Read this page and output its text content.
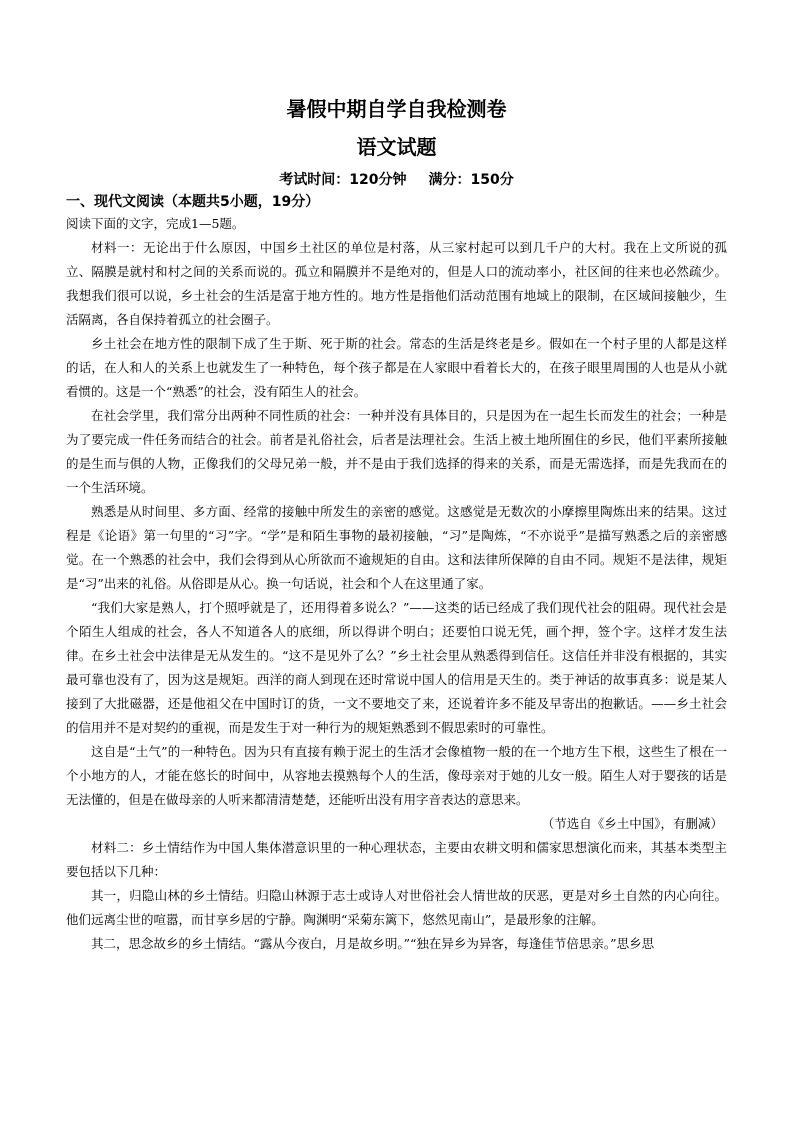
暑假中期自学自我检测卷
语文试题
考试时间：120分钟 满分：150分
一、现代文阅读（本题共5小题，19分）

阅读下面的文字，完成1—5题。

材料一：无论出于什么原因，中国乡土社区的单位是村落，从三家村起可以到几千户的大村。我在上文所说的孤立、隔膜是就村和村之间的关系而说的。孤立和隔膜并不是绝对的，但是人口的流动率小，社区间的往来也必然疏少。我想我们很可以说，乡土社会的生活是富于地方性的。地方性是指他们活动范围有地域上的限制，在区域间接触少，生活隔离，各自保持着孤立的社会圈子。

乡土社会在地方性的限制下成了生于斯、死于斯的社会。常态的生活是终老是乡。假如在一个村子里的人都是这样的话，在人和人的关系上也就发生了一种特色，每个孩子都是在人家眼中看着长大的，在孩子眼里周围的人也是从小就看惯的。这是一个“熟悉”的社会，没有陌生人的社会。

在社会学里，我们常分出两种不同性质的社会：一种并没有具体目的，只是因为在一起生长而发生的社会；一种是为了要完成一件任务而结合的社会。前者是礼俗社会，后者是法理社会。生活上被土地所囿住的乡民，他们平素所接触的是生而与俱的人物，正像我们的父母兄弟一般，并不是由于我们选择的得来的关系，而是无需选择，而是先我而在的一个生活环境。

熟悉是从时间里、多方面、经常的接触中所发生的亲密的感觉。这感觉是无数次的小摩擦里陶炼出来的结果。这过程是《论语》第一句里的“习”字。“学”是和陌生事物的最初接触，“习”是陶炼，“不亦说乎”是描写熟悉之后的亲密感觉。在一个熟悉的社会中，我们会得到从心所欲而不逾规矩的自由。这和法律所保障的自由不同。规矩不是法律，规矩是“习”出来的礼俗。从俗即是从心。换一句话说，社会和个人在这里通了家。

“我们大家是熟人，打个照呼就是了，还用得着多说么？”——这类的话已经成了我们现代社会的阻碍。现代社会是个陌生人组成的社会，各人不知道各人的底细，所以得讲个明白；还要怕口说无凭，画个押，签个字。这样才发生法律。在乡土社会中法律是无从发生的。“这不是见外了么？”乡土社会里从熟悉得到信任。这信任并非没有根据的，其实最可靠也没有了，因为这是规矩。西洋的商人到现在还时常说中国人的信用是天生的。类于神话的故事真多：说是某人接到了大批磁器，还是他祖父在中国时订的货，一文不要地交了来，还说着许多不能及早寄出的抱歉话。——乡土社会的信用并不是对契约的重视，而是发生于对一种行为的规矩熟悉到不假思索时的可靠性。

这自是“土气”的一种特色。因为只有直接有赖于泥土的生活才会像植物一般的在一个地方生下根，这些生了根在一个小地方的人，才能在悠长的时间中，从容地去摸熟每个人的生活，像母亲对于她的儿女一般。陌生人对于婴孩的话是无法懂的，但是在做母亲的人听来都清清楚楚，还能听出没有用字音表达的意思来。

（节选自《乡土中国》，有删减）

材料二：乡土情结作为中国人集体潜意识里的一种心理状态，主要由农耕文明和儒家思想演化而来，其基本类型主要包括以下几种：

其一，归隐山林的乡土情结。归隐山林源于志士或诗人对世俗社会人情世故的厌恶，更是对乡土自然的内心向往。他们远离尘世的喧嚣，而甘享乡居的宁静。陶渊明“采菊东篱下，悠然见南山”，是最形象的注解。

其二，思念故乡的乡土情结。“露从今夜白，月是故乡明。”“独在异乡为异客，每逢佳节倍思亲。”思乡思
